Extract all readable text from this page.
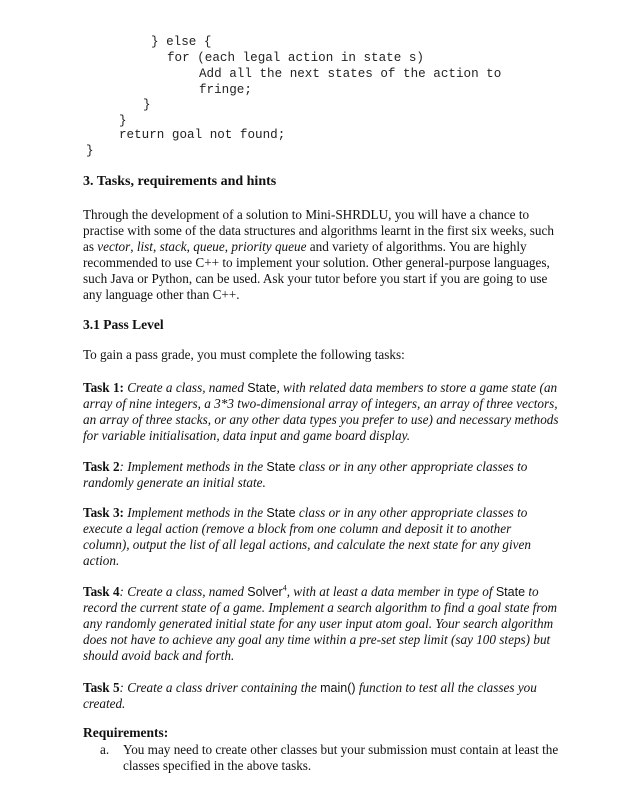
} else {
for (each legal action in state s)
Add all the next states of the action to
fringe;
}
}
return goal not found;
}
3. Tasks, requirements and hints
Through the development of a solution to Mini-SHRDLU, you will have a chance to practise with some of the data structures and algorithms learnt in the first six weeks, such as vector, list, stack, queue, priority queue and variety of algorithms. You are highly recommended to use C++ to implement your solution. Other general-purpose languages, such Java or Python, can be used. Ask your tutor before you start if you are going to use any language other than C++.
3.1 Pass Level
To gain a pass grade, you must complete the following tasks:
Task 1: Create a class, named State, with related data members to store a game state (an array of nine integers, a 3*3 two-dimensional array of integers, an array of three vectors, an array of three stacks, or any other data types you prefer to use) and necessary methods for variable initialisation, data input and game board display.
Task 2: Implement methods in the State class or in any other appropriate classes to randomly generate an initial state.
Task 3: Implement methods in the State class or in any other appropriate classes to execute a legal action (remove a block from one column and deposit it to another column), output the list of all legal actions, and calculate the next state for any given action.
Task 4: Create a class, named Solver$^4$, with at least a data member in type of State to record the current state of a game. Implement a search algorithm to find a goal state from any randomly generated initial state for any user input atom goal. Your search algorithm does not have to achieve any goal any time within a pre-set step limit (say 100 steps) but should avoid back and forth.
Task 5: Create a class driver containing the main() function to test all the classes you created.
Requirements:
a. You may need to create other classes but your submission must contain at least the classes specified in the above tasks.
